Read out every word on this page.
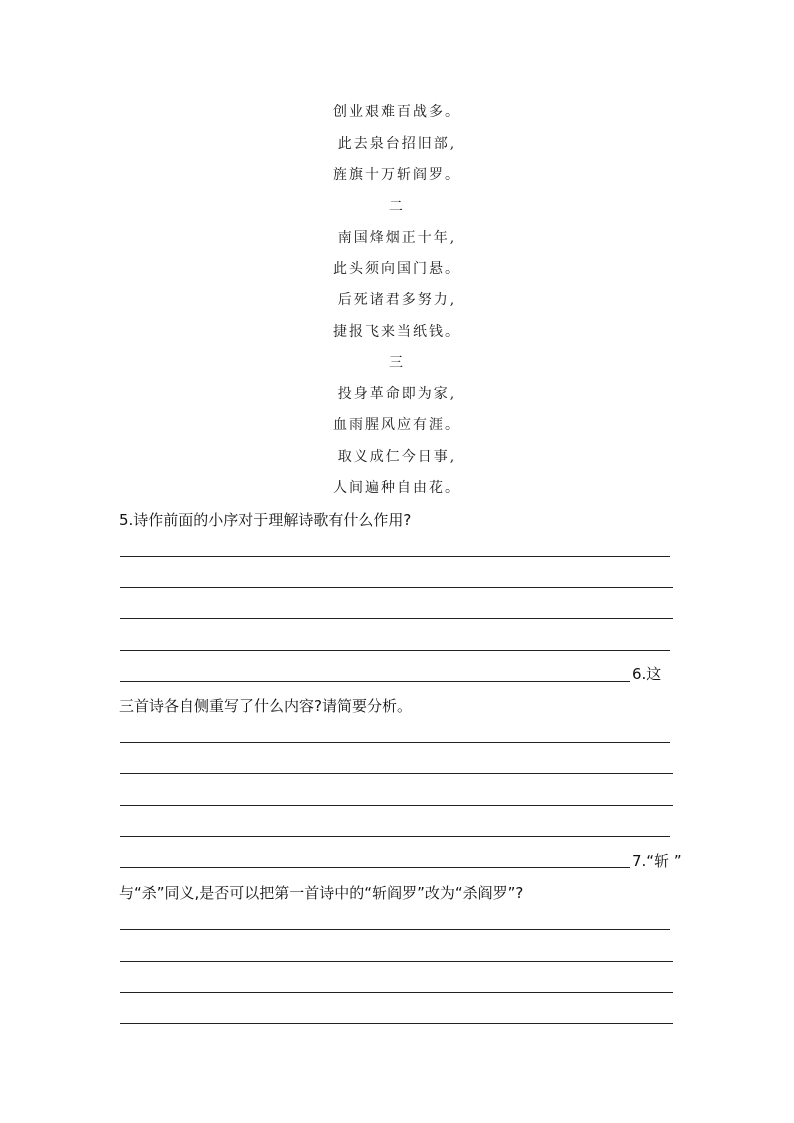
创业艰难百战多。
此去泉台招旧部,
旌旗十万斩阎罗。
二
南国烽烟正十年,
此头须向国门悬。
后死诸君多努力,
捷报飞来当纸钱。
三
投身革命即为家,
血雨腥风应有涯。
取义成仁今日事,
人间遍种自由花。
5.诗作前面的小序对于理解诗歌有什么作用?
6.这
三首诗各自侧重写了什么内容?请简要分析。
7.“斩 ”
与“杀”同义,是否可以把第一首诗中的“斩阎罗”改为“杀阎罗”?
